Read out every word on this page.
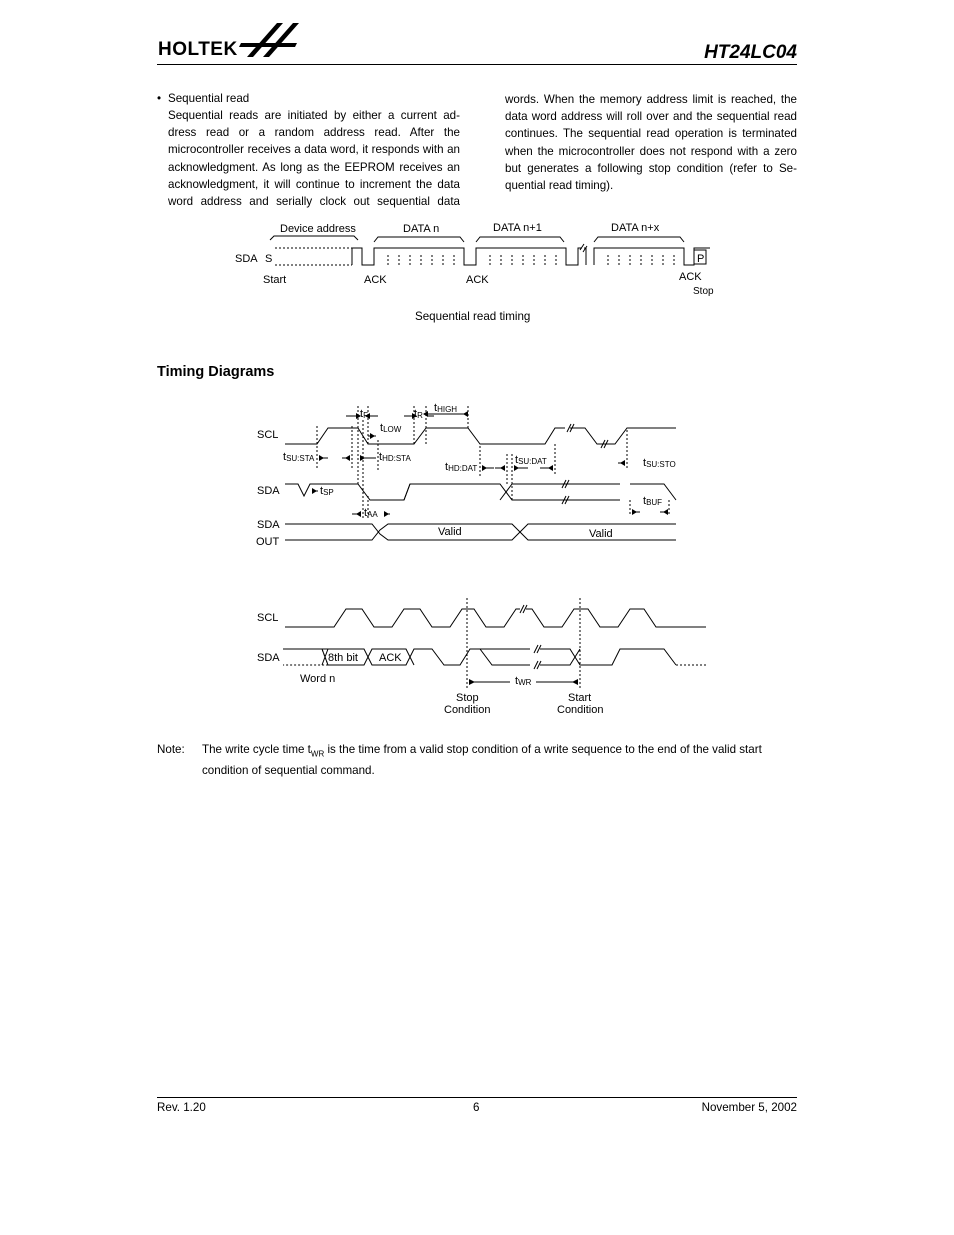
HOLTEK	HT24LC04
• Sequential read

Sequential reads are initiated by either a current ad-dress read or a random address read. After the microcontroller receives a data word, it responds with an acknowledgment. As long as the EEPROM receives an acknowledgment, it will continue to increment the data word address and serially clock out sequential data

words. When the memory address limit is reached, the data word address will roll over and the sequential read continues. The sequential read operation is terminated when the microcontroller does not respond with a zero but generates a following stop condition (refer to Se-quential read timing).

Device address	DATA n	DATA n+1	DATA n+x
SDA S	P
Start	ACK	ACK	ACK
Stop
Sequential read timing
Timing Diagrams
SCL
SDA
SDA
OUT
Valid	Valid
tF	tR
tHIGH
tLOW
tSU:STA	tHD:STA
tHD:DAT
tSU:DAT	tSU:STO
tSP
tBUF
tAA
SCL
SDA	8th bit ACK
Word n	tWR
Stop
Condition
Start
Condition
Note: The write cycle time $t_{WR}$ is the time from a valid stop condition of a write sequence to the end of the valid start condition of sequential command.
Rev. 1.20	6	November 5, 2002
